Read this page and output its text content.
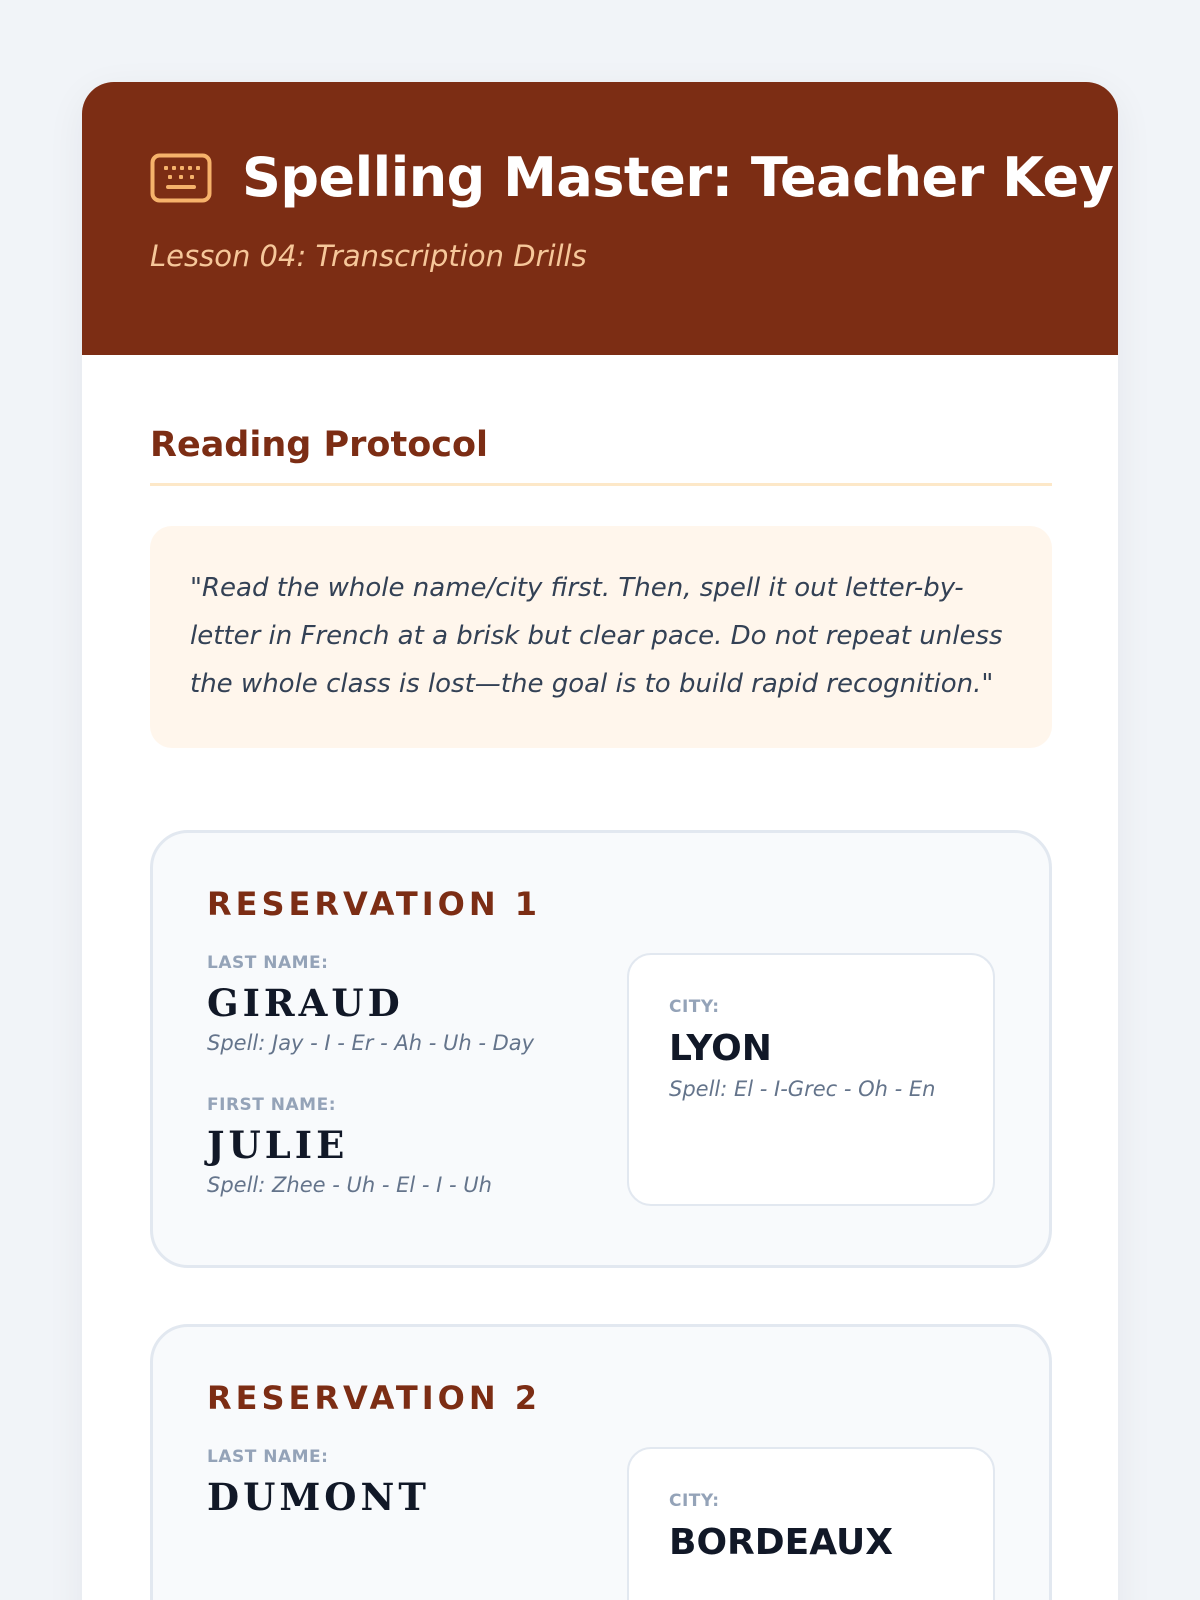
Spelling Master: Teacher Key
Lesson 04: Transcription Drills
Reading Protocol
"Read the whole name/city first. Then, spell it out letter-by-letter in French at a brisk but clear pace. Do not repeat unless the whole class is lost—the goal is to build rapid recognition."
RESERVATION 1
LAST NAME:
GIRAUD
Spell: Jay - I - Er - Ah - Uh - Day
FIRST NAME:
JULIE
Spell: Zhee - Uh - El - I - Uh
CITY:
LYON
Spell: El - I-Grec - Oh - En
RESERVATION 2
LAST NAME:
DUMONT	CITY:
BORDEAUX
